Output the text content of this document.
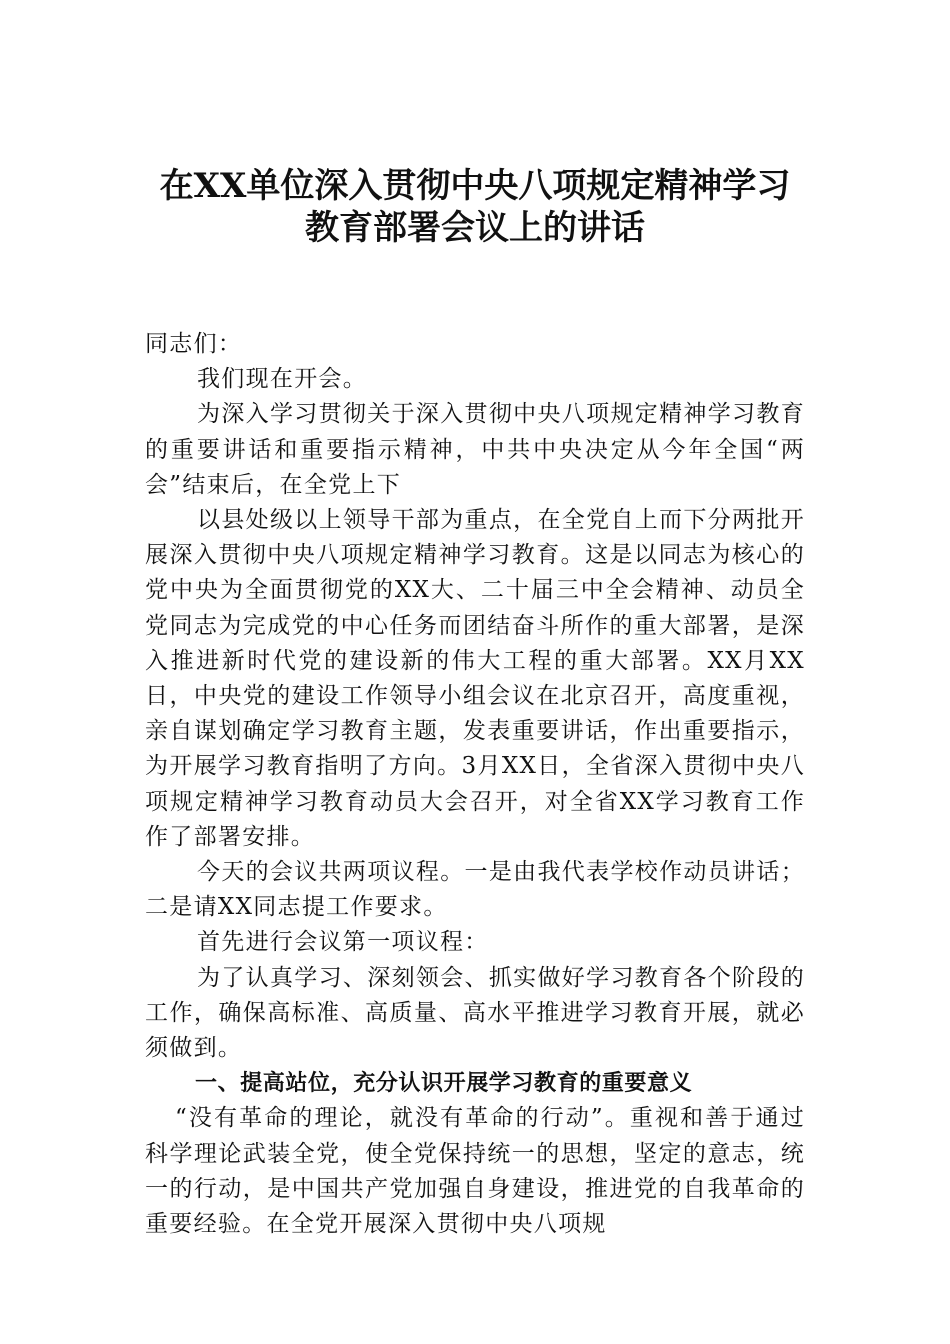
在XX单位深入贯彻中央八项规定精神学习
教育部署会议上的讲话

同志们：

我们现在开会。

为深入学习贯彻关于深入贯彻中央八项规定精神学习教育的重要讲话和重要指示精神，中共中央决定从今年全国“两会”结束后，在全党上下

以县处级以上领导干部为重点，在全党自上而下分两批开展深入贯彻中央八项规定精神学习教育。这是以同志为核心的党中央为全面贯彻党的XX大、二十届三中全会精神、动员全党同志为完成党的中心任务而团结奋斗所作的重大部署，是深入推进新时代党的建设新的伟大工程的重大部署。XX月XX日，中央党的建设工作领导小组会议在北京召开，高度重视，亲自谋划确定学习教育主题，发表重要讲话，作出重要指示，为开展学习教育指明了方向。3月XX日，全省深入贯彻中央八项规定精神学习教育动员大会召开，对全省XX学习教育工作作了部署安排。

今天的会议共两项议程。一是由我代表学校作动员讲话；二是请XX同志提工作要求。

首先进行会议第一项议程：

为了认真学习、深刻领会、抓实做好学习教育各个阶段的工作，确保高标准、高质量、高水平推进学习教育开展，就必须做到。

一、提高站位，充分认识开展学习教育的重要意义

“没有革命的理论，就没有革命的行动”。重视和善于通过科学理论武装全党，使全党保持统一的思想，坚定的意志，统一的行动，是中国共产党加强自身建设，推进党的自我革命的重要经验。在全党开展深入贯彻中央八项规
